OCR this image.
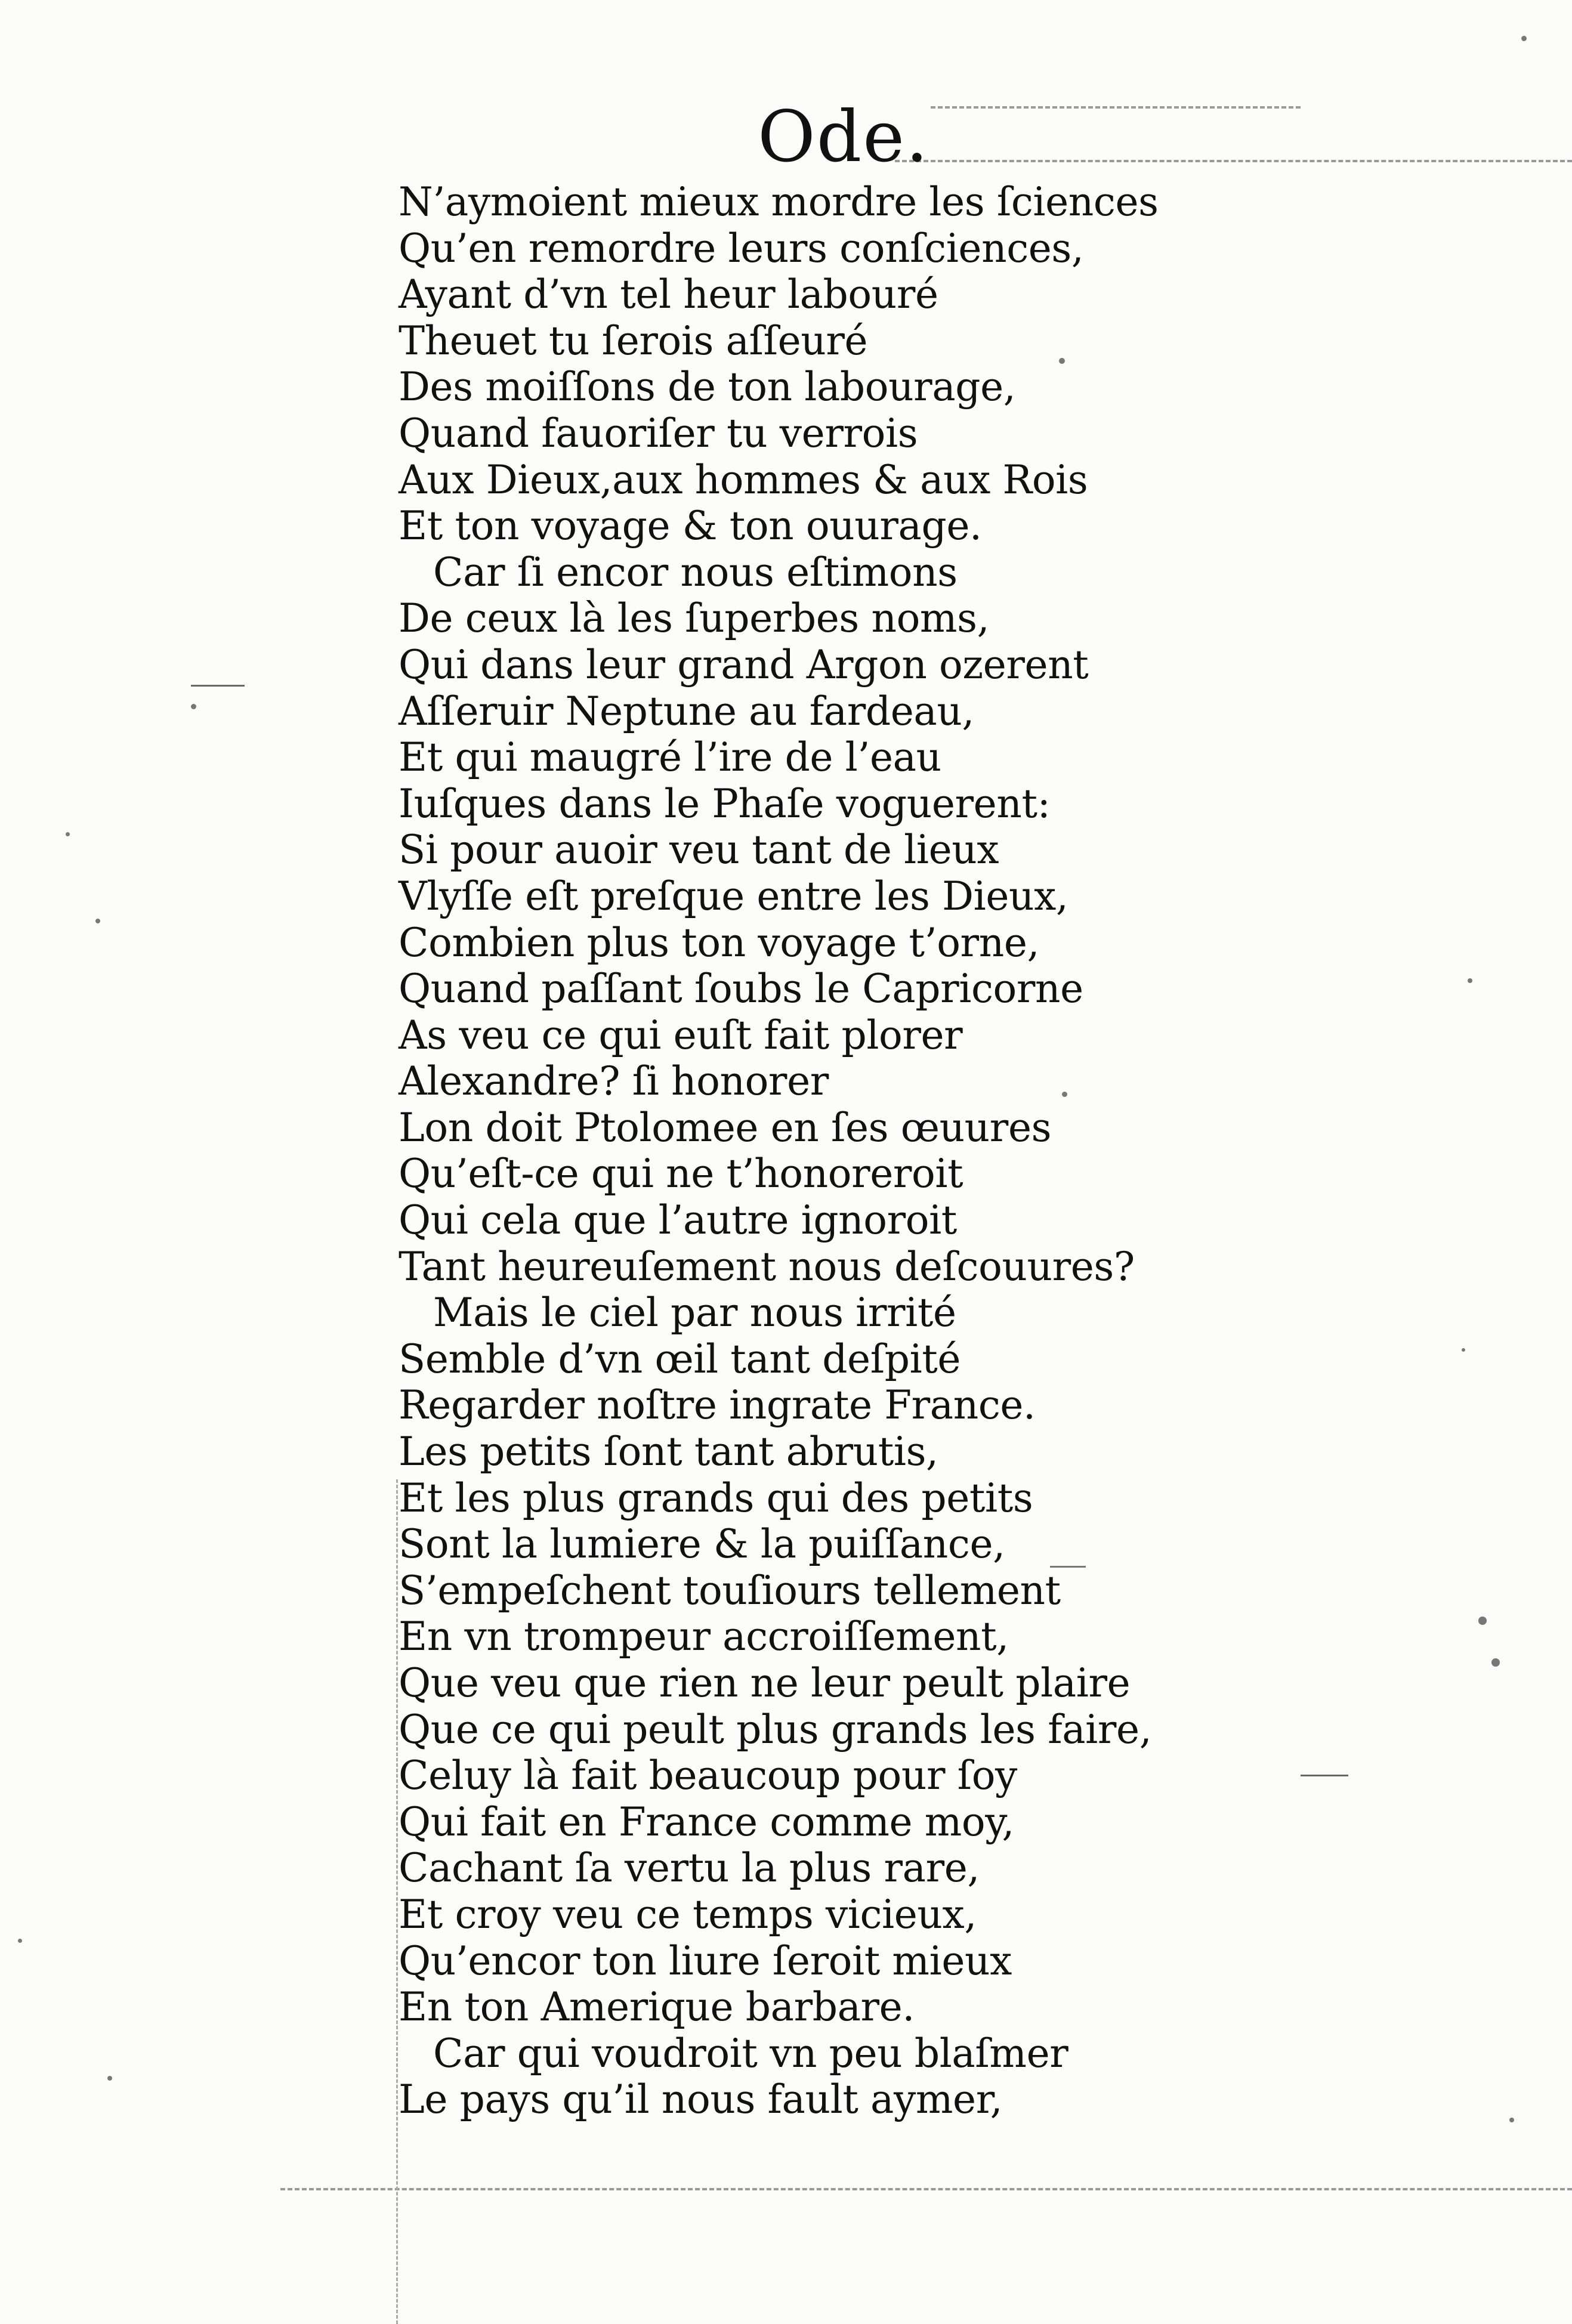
Ode.
N’aymoient mieux mordre les ſciences
Qu’en remordre leurs conſciences,
Ayant d’vn tel heur labouré
Theuet tu ſerois aſſeuré
Des moiſſons de ton labourage,
Quand fauoriſer tu verrois
Aux Dieux,aux hommes & aux Rois
Et ton voyage & ton ouurage.
Car ſi encor nous eſtimons
De ceux là les ſuperbes noms,
Qui dans leur grand Argon ozerent
Aſſeruir Neptune au fardeau,
Et qui maugré l’ire de l’eau
Iuſques dans le Phaſe voguerent:
Si pour auoir veu tant de lieux
Vlyſſe eſt preſque entre les Dieux,
Combien plus ton voyage t’orne,
Quand paſſant ſoubs le Capricorne
As veu ce qui euſt fait plorer
Alexandre? ſi honorer
Lon doit Ptolomee en ſes œuures
Qu’eſt-ce qui ne t’honoreroit
Qui cela que l’autre ignoroit
Tant heureuſement nous deſcouures?
Mais le ciel par nous irrité
Semble d’vn œil tant deſpité
Regarder noſtre ingrate France.
Les petits ſont tant abrutis,
Et les plus grands qui des petits
Sont la lumiere & la puiſſance,
S’empeſchent touſiours tellement
En vn trompeur accroiſſement,
Que veu que rien ne leur peult plaire
Que ce qui peult plus grands les faire,
Celuy là fait beaucoup pour ſoy
Qui fait en France comme moy,
Cachant ſa vertu la plus rare,
Et croy veu ce temps vicieux,
Qu’encor ton liure ſeroit mieux
En ton Amerique barbare.
Car qui voudroit vn peu blaſmer
Le pays qu’il nous fault aymer,
